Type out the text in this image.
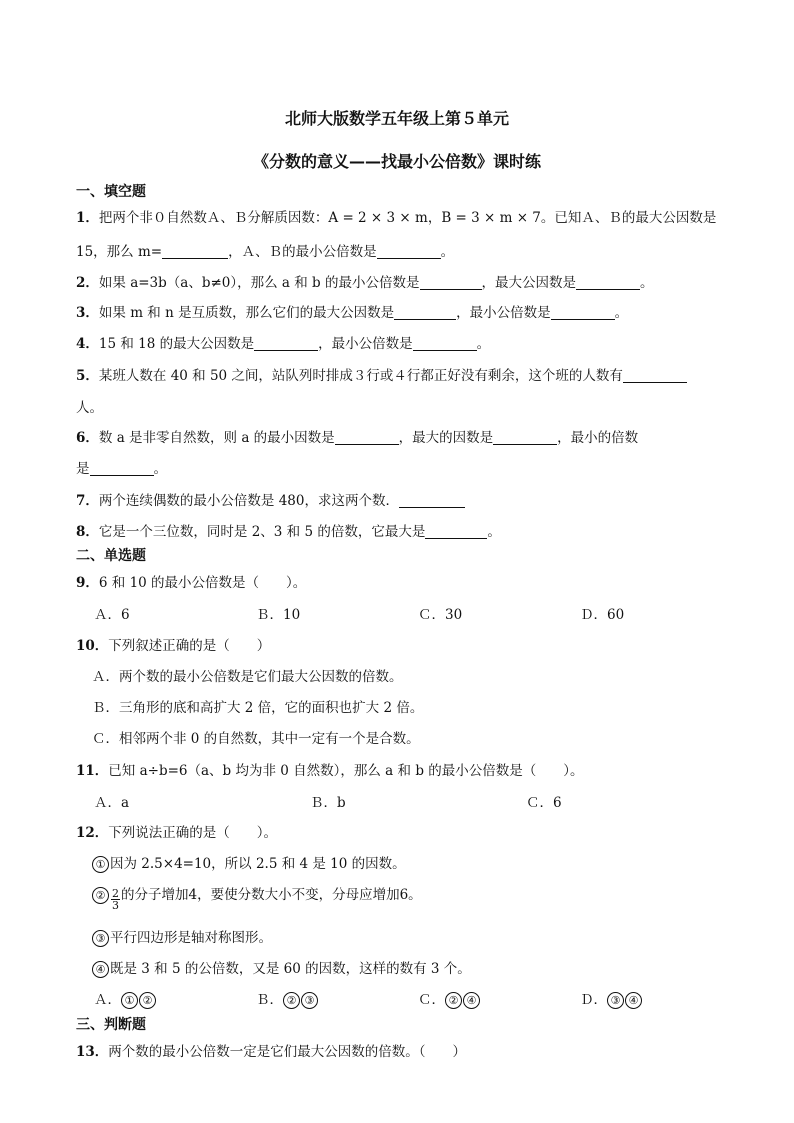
北师大版数学五年级上第５单元
《分数的意义——找最小公倍数》课时练
一、填空题
1．把两个非０自然数Ａ、Ｂ分解质因数：A = 2 × 3 × m，B = 3 × m × 7。已知Ａ、Ｂ的最大公因数是
15，那么 m=	，Ａ、Ｂ的最小公倍数是	。
2．如果 a=3b（a、b≠0），那么 a 和 b 的最小公倍数是	，最大公因数是	。
3．如果 m 和 n 是互质数，那么它们的最大公因数是	，最小公倍数是	。
4．15 和 18 的最大公因数是	，最小公倍数是	。
5．某班人数在 40 和 50 之间，站队列时排成３行或４行都正好没有剩余，这个班的人数有
人。
6．数 a 是非零自然数，则 a 的最小因数是	，最大的因数是	，最小的倍数
是	。
7．两个连续偶数的最小公倍数是 480，求这两个数．
8．它是一个三位数，同时是 2、3 和 5 的倍数，它最大是	。
二、单选题
9．6 和 10 的最小公倍数是（　　）。
Ａ．6	Ｂ．10	Ｃ．30	Ｄ．60
10．下列叙述正确的是（　　）
Ａ．两个数的最小公倍数是它们最大公因数的倍数。
Ｂ．三角形的底和高扩大 2 倍，它的面积也扩大 2 倍。
Ｃ．相邻两个非 0 的自然数，其中一定有一个是合数。
11．已知 a÷b=6（a、b 均为非 0 自然数），那么 a 和 b 的最小公倍数是（　　）。
Ａ．a	Ｂ．b	Ｃ．6
12．下列说法正确的是（　　）。
① 因为 2.5×4=10，所以 2.5 和 4 是 10 的因数。
② $\frac{2}{3}$ 的分子增加4，要使分数大小不变，分母应增加6。
③ 平行四边形是轴对称图形。
④ 既是 3 和 5 的公倍数，又是 60 的因数，这样的数有 3 个。
Ａ． ① ②	Ｂ． ② ③	Ｃ． ② ④	Ｄ． ③ ④
三、判断题
13．两个数的最小公倍数一定是它们最大公因数的倍数。（　　）
